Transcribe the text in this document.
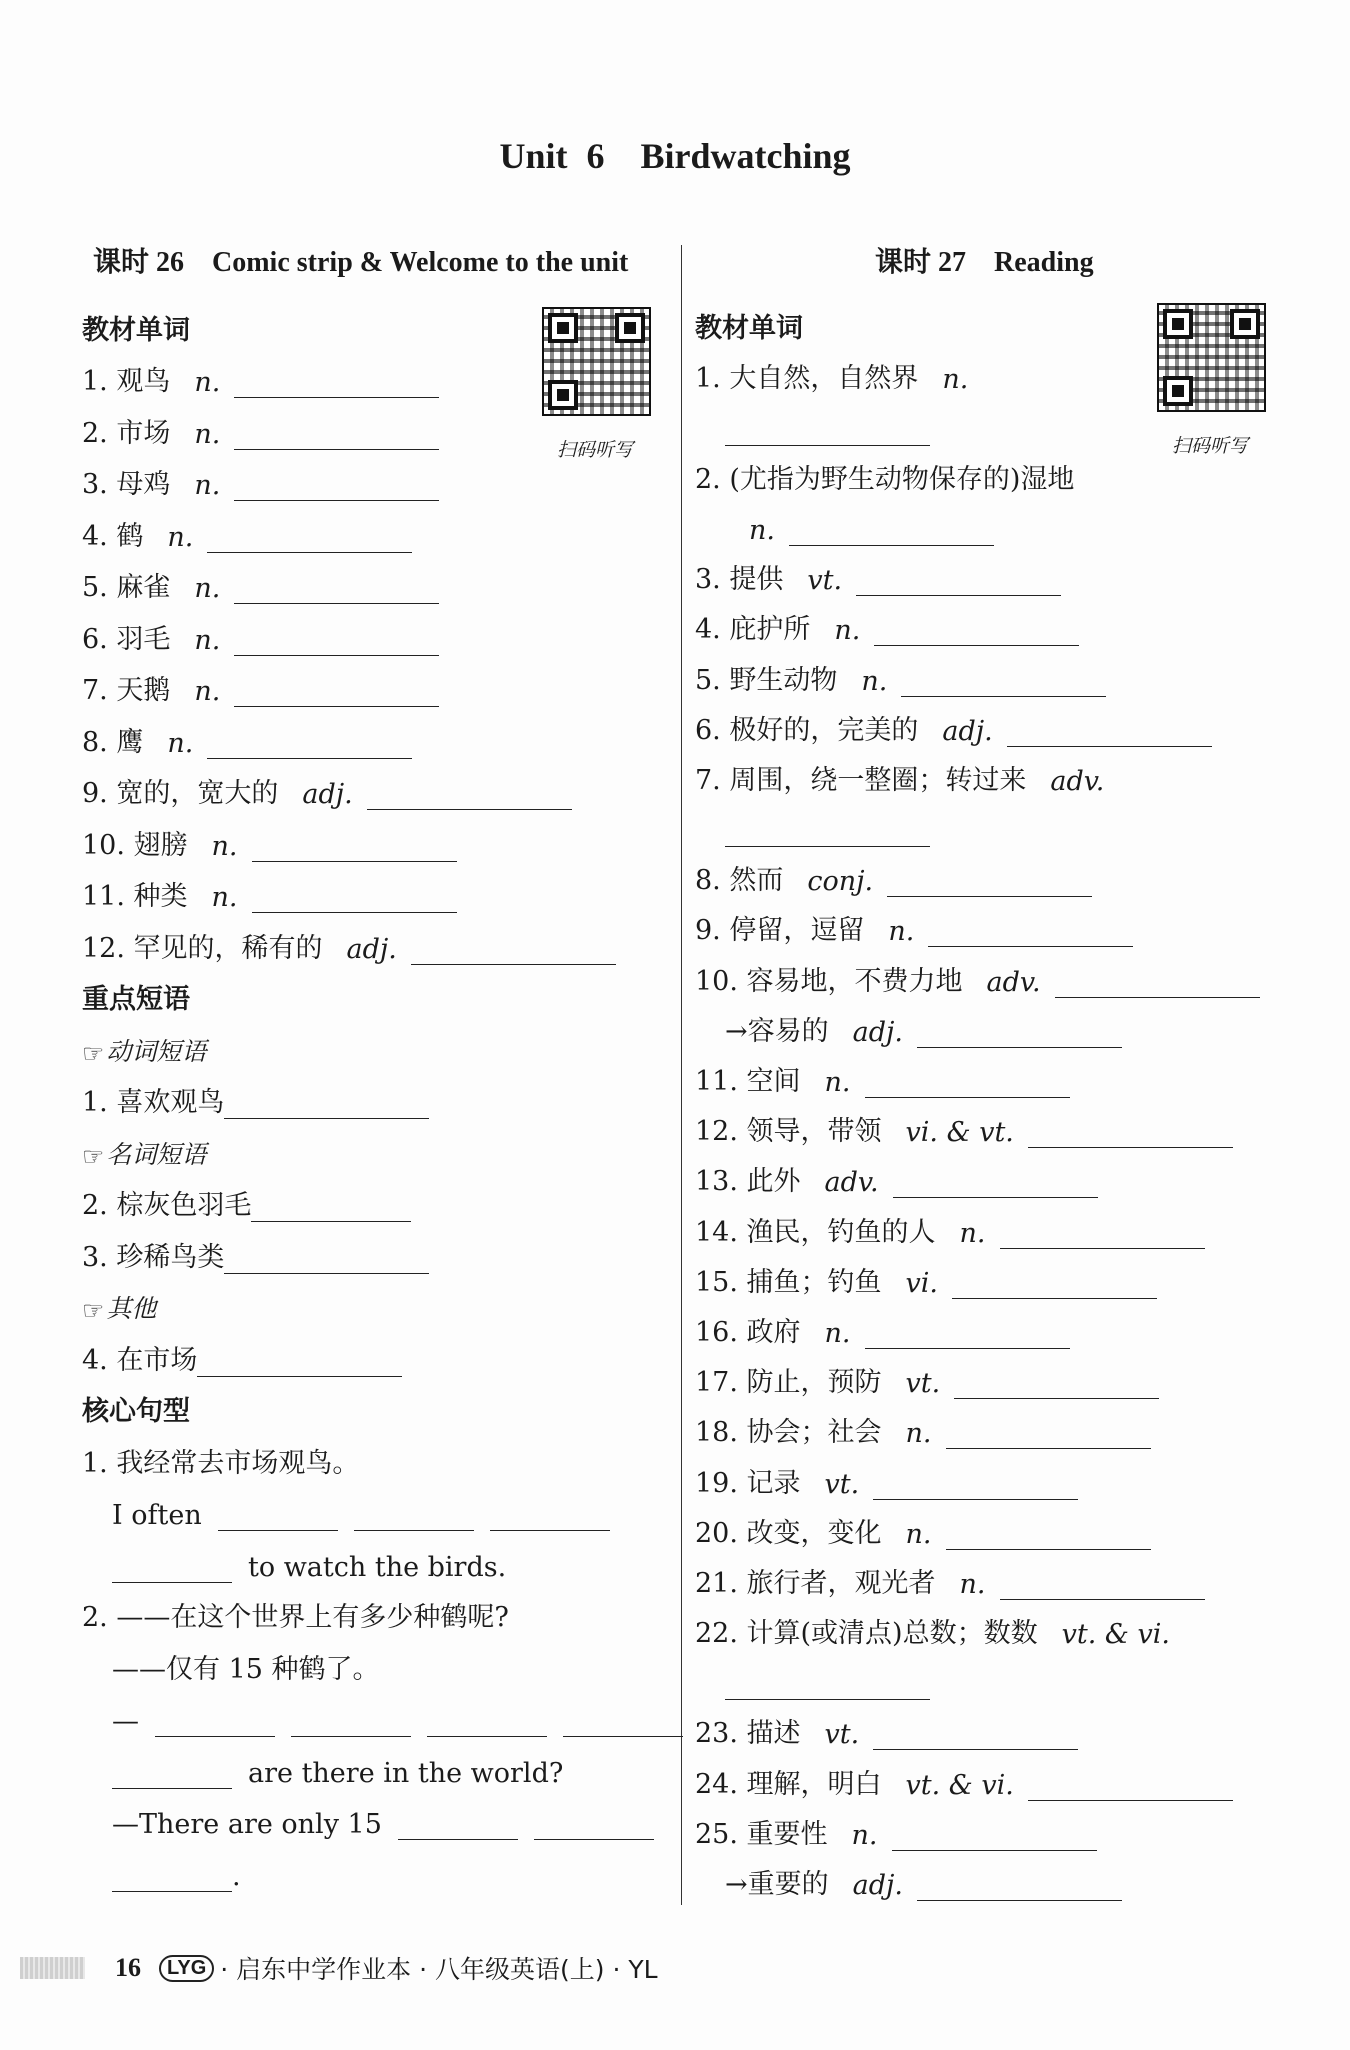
Unit 6　Birdwatching
课时 26 Comic strip & Welcome to the unit
扫码听写
教材单词
1. 观鸟 n.
2. 市场 n.
3. 母鸡 n.
4. 鹤 n.
5. 麻雀 n.
6. 羽毛 n.
7. 天鹅 n.
8. 鹰 n.
9. 宽的，宽大的 adj.
10. 翅膀 n.
11. 种类 n.
12. 罕见的，稀有的 adj.
重点短语
☞ 动词短语
1. 喜欢观鸟
☞ 名词短语
2. 棕灰色羽毛
3. 珍稀鸟类
☞ 其他
4. 在市场
核心句型
1. 我经常去市场观鸟。
I often
to watch the birds.
2. ——在这个世界上有多少种鹤呢?
——仅有 15 种鹤了。
—
are there in the world?
—There are only 15
.
课时 27 Reading
扫码听写
教材单词
1. 大自然，自然界 n.
2. (尤指为野生动物保存的)湿地
n.
3. 提供 vt.
4. 庇护所 n.
5. 野生动物 n.
6. 极好的，完美的 adj.
7. 周围，绕一整圈；转过来 adv.
8. 然而 conj.
9. 停留，逗留 n.
10. 容易地，不费力地 adv.
→容易的 adj.
11. 空间 n.
12. 领导，带领 vi. & vt.
13. 此外 adv.
14. 渔民，钓鱼的人 n.
15. 捕鱼；钓鱼 vi.
16. 政府 n.
17. 防止，预防 vt.
18. 协会；社会 n.
19. 记录 vt.
20. 改变，变化 n.
21. 旅行者，观光者 n.
22. 计算(或清点)总数；数数 vt. & vi.
23. 描述 vt.
24. 理解，明白 vt. & vi.
25. 重要性 n.
→重要的 adj.
16	LYG · 启东中学作业本 · 八年级英语(上) · YL
